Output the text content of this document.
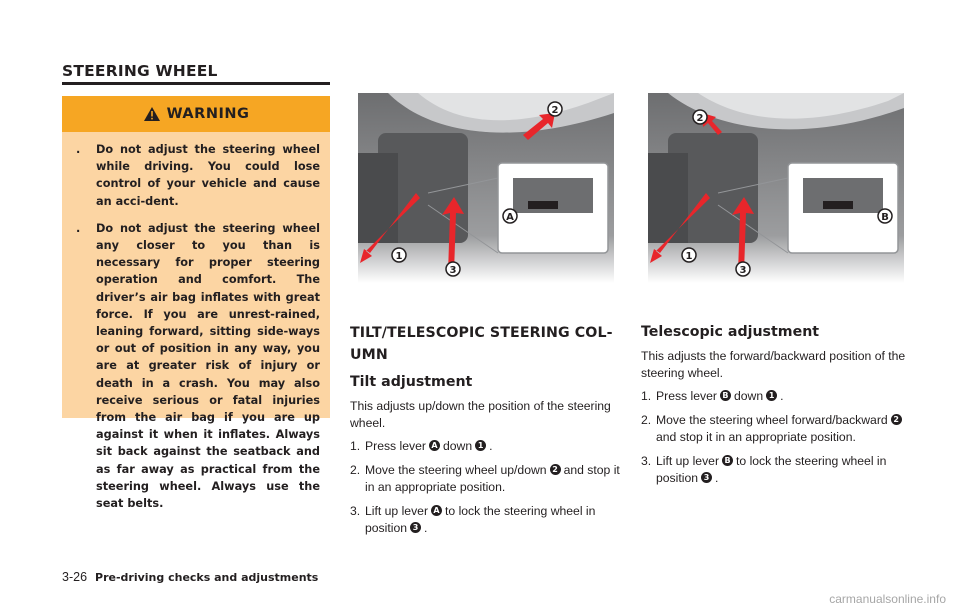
STEERING WHEEL
WARNING
. Do not adjust the steering wheel while driving. You could lose control of your vehicle and cause an acci-dent.
. Do not adjust the steering wheel any closer to you than is necessary for proper steering operation and comfort. The driver’s air bag inflates with great force. If you are unrest-rained, leaning forward, sitting side-ways or out of position in any way, you are at greater risk of injury or death in a crash. You may also receive serious or fatal injuries from the air bag if you are up against it when it inflates. Always sit back against the seatback and as far away as practical from the steering wheel. Always use the seat belts.
1
2
3
A
1
2
3
B
TILT/TELESCOPIC STEERING COL-UMN
Tilt adjustment

This adjusts up/down the position of the steering wheel.

1. Press lever A down 1 .
2. Move the steering wheel up/down 2 and stop it in an appropriate position.
3. Lift up lever A to lock the steering wheel in position 3 .
Telescopic adjustment

This adjusts the forward/backward position of the steering wheel.

1. Press lever B down 1 .
2. Move the steering wheel forward/backward 2and stop it in an appropriate position.
3. Lift up lever B to lock the steering wheel in position 3 .
3-26 Pre-driving checks and adjustments
carmanualsonline.info
